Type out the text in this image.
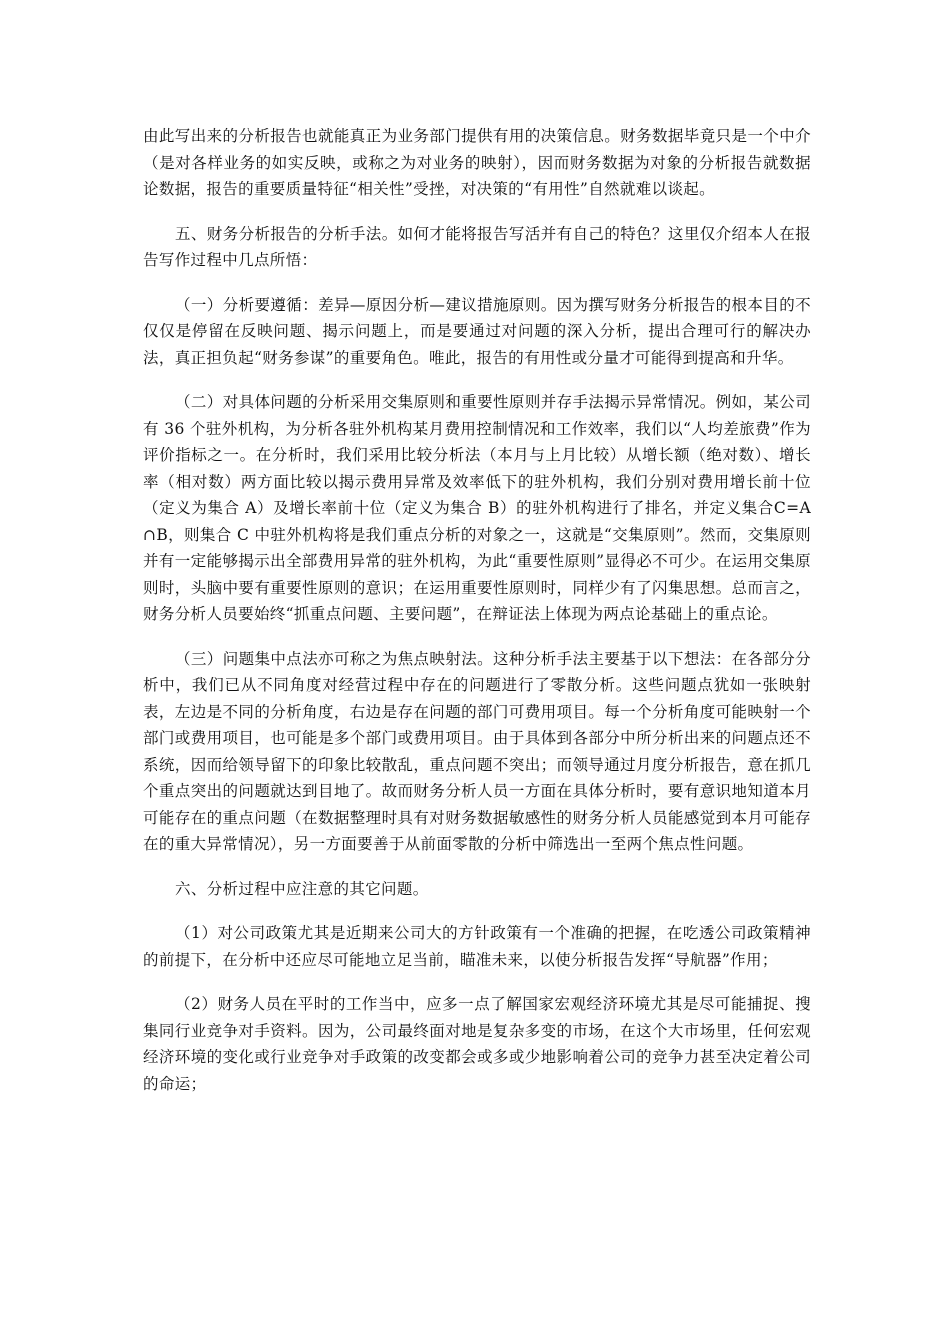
由此写出来的分析报告也就能真正为业务部门提供有用的决策信息。财务数据毕竟只是一个中介（是对各样业务的如实反映，或称之为对业务的映射），因而财务数据为对象的分析报告就数据论数据，报告的重要质量特征“相关性”受挫，对决策的“有用性”自然就难以谈起。

五、财务分析报告的分析手法。如何才能将报告写活并有自己的特色？这里仅介绍本人在报告写作过程中几点所悟：

（一）分析要遵循：差异—原因分析—建议措施原则。因为撰写财务分析报告的根本目的不仅仅是停留在反映问题、揭示问题上，而是要通过对问题的深入分析，提出合理可行的解决办法，真正担负起“财务参谋”的重要角色。唯此，报告的有用性或分量才可能得到提高和升华。

（二）对具体问题的分析采用交集原则和重要性原则并存手法揭示异常情况。例如，某公司有 36 个驻外机构，为分析各驻外机构某月费用控制情况和工作效率，我们以“人均差旅费”作为评价指标之一。在分析时，我们采用比较分析法（本月与上月比较）从增长额（绝对数）、增长率（相对数）两方面比较以揭示费用异常及效率低下的驻外机构，我们分别对费用增长前十位（定义为集合 A）及增长率前十位（定义为集合 B）的驻外机构进行了排名，并定义集合C=A∩B，则集合 C 中驻外机构将是我们重点分析的对象之一，这就是“交集原则”。然而，交集原则并有一定能够揭示出全部费用异常的驻外机构，为此“重要性原则”显得必不可少。在运用交集原则时，头脑中要有重要性原则的意识；在运用重要性原则时，同样少有了闪集思想。总而言之，财务分析人员要始终“抓重点问题、主要问题”，在辩证法上体现为两点论基础上的重点论。

（三）问题集中点法亦可称之为焦点映射法。这种分析手法主要基于以下想法：在各部分分析中，我们已从不同角度对经营过程中存在的问题进行了零散分析。这些问题点犹如一张映射表，左边是不同的分析角度，右边是存在问题的部门可费用项目。每一个分析角度可能映射一个部门或费用项目，也可能是多个部门或费用项目。由于具体到各部分中所分析出来的问题点还不系统，因而给领导留下的印象比较散乱，重点问题不突出；而领导通过月度分析报告，意在抓几个重点突出的问题就达到目地了。故而财务分析人员一方面在具体分析时，要有意识地知道本月可能存在的重点问题（在数据整理时具有对财务数据敏感性的财务分析人员能感觉到本月可能存在的重大异常情况），另一方面要善于从前面零散的分析中筛选出一至两个焦点性问题。

六、分析过程中应注意的其它问题。

（1）对公司政策尤其是近期来公司大的方针政策有一个准确的把握，在吃透公司政策精神的前提下，在分析中还应尽可能地立足当前，瞄准未来，以使分析报告发挥“导航器”作用；

（2）财务人员在平时的工作当中，应多一点了解国家宏观经济环境尤其是尽可能捕捉、搜集同行业竞争对手资料。因为，公司最终面对地是复杂多变的市场，在这个大市场里，任何宏观经济环境的变化或行业竞争对手政策的改变都会或多或少地影响着公司的竞争力甚至决定着公司的命运；
